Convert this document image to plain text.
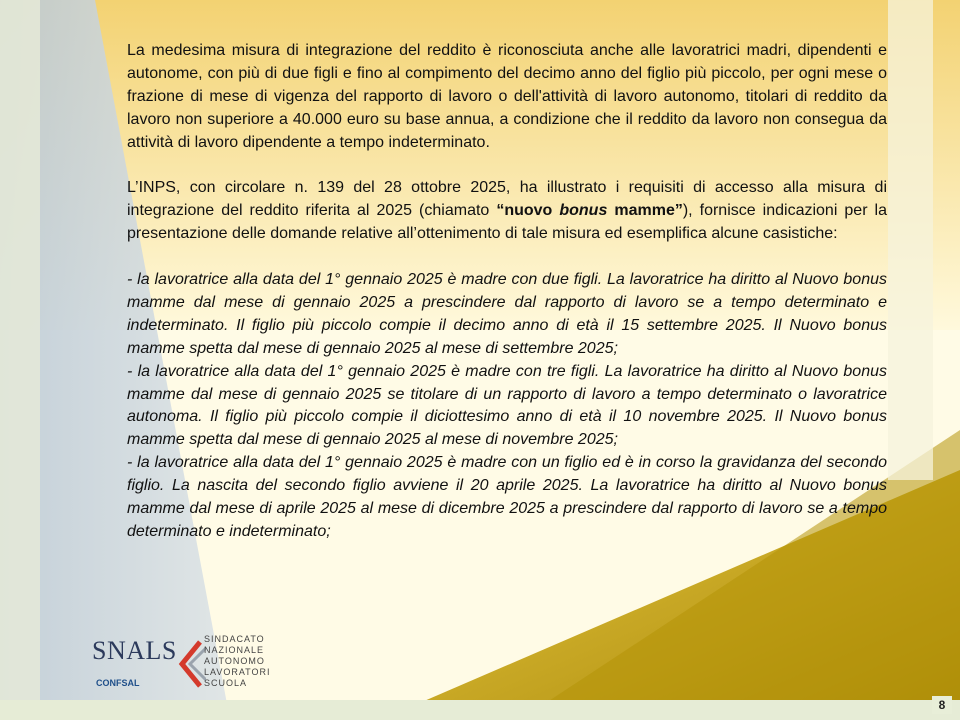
La medesima misura di integrazione del reddito è riconosciuta anche alle lavoratrici madri, dipendenti e autonome, con più di due figli e fino al compimento del decimo anno del figlio più piccolo, per ogni mese o frazione di mese di vigenza del rapporto di lavoro o dell'attività di lavoro autonomo, titolari di reddito da lavoro non superiore a 40.000 euro su base annua, a condizione che il reddito da lavoro non consegua da attività di lavoro dipendente a tempo indeterminato.

L’INPS, con circolare n. 139 del 28 ottobre 2025, ha illustrato i requisiti di accesso alla misura di integrazione del reddito riferita al 2025 (chiamato “nuovo bonus mamme”), fornisce indicazioni per la presentazione delle domande relative all’ottenimento di tale misura ed esemplifica alcune casistiche:

- la lavoratrice alla data del 1° gennaio 2025 è madre con due figli. La lavoratrice ha diritto al Nuovo bonus mamme dal mese di gennaio 2025 a prescindere dal rapporto di lavoro se a tempo determinato e indeterminato. Il figlio più piccolo compie il decimo anno di età il 15 settembre 2025. Il Nuovo bonus mamme spetta dal mese di gennaio 2025 al mese di settembre 2025;

- la lavoratrice alla data del 1° gennaio 2025 è madre con tre figli. La lavoratrice ha diritto al Nuovo bonus mamme dal mese di gennaio 2025 se titolare di un rapporto di lavoro a tempo determinato o lavoratrice autonoma. Il figlio più piccolo compie il diciottesimo anno di età il 10 novembre 2025. Il Nuovo bonus mamme spetta dal mese di gennaio 2025 al mese di novembre 2025;

- la lavoratrice alla data del 1° gennaio 2025 è madre con un figlio ed è in corso la gravidanza del secondo figlio. La nascita del secondo figlio avviene il 20 aprile 2025. La lavoratrice ha diritto al Nuovo bonus mamme dal mese di aprile 2025 al mese di dicembre 2025 a prescindere dal rapporto di lavoro se a tempo determinato e indeterminato;

SNALS
CONFSAL
SINDACATO
NAZIONALE
AUTONOMO
LAVORATORI
SCUOLA
8
